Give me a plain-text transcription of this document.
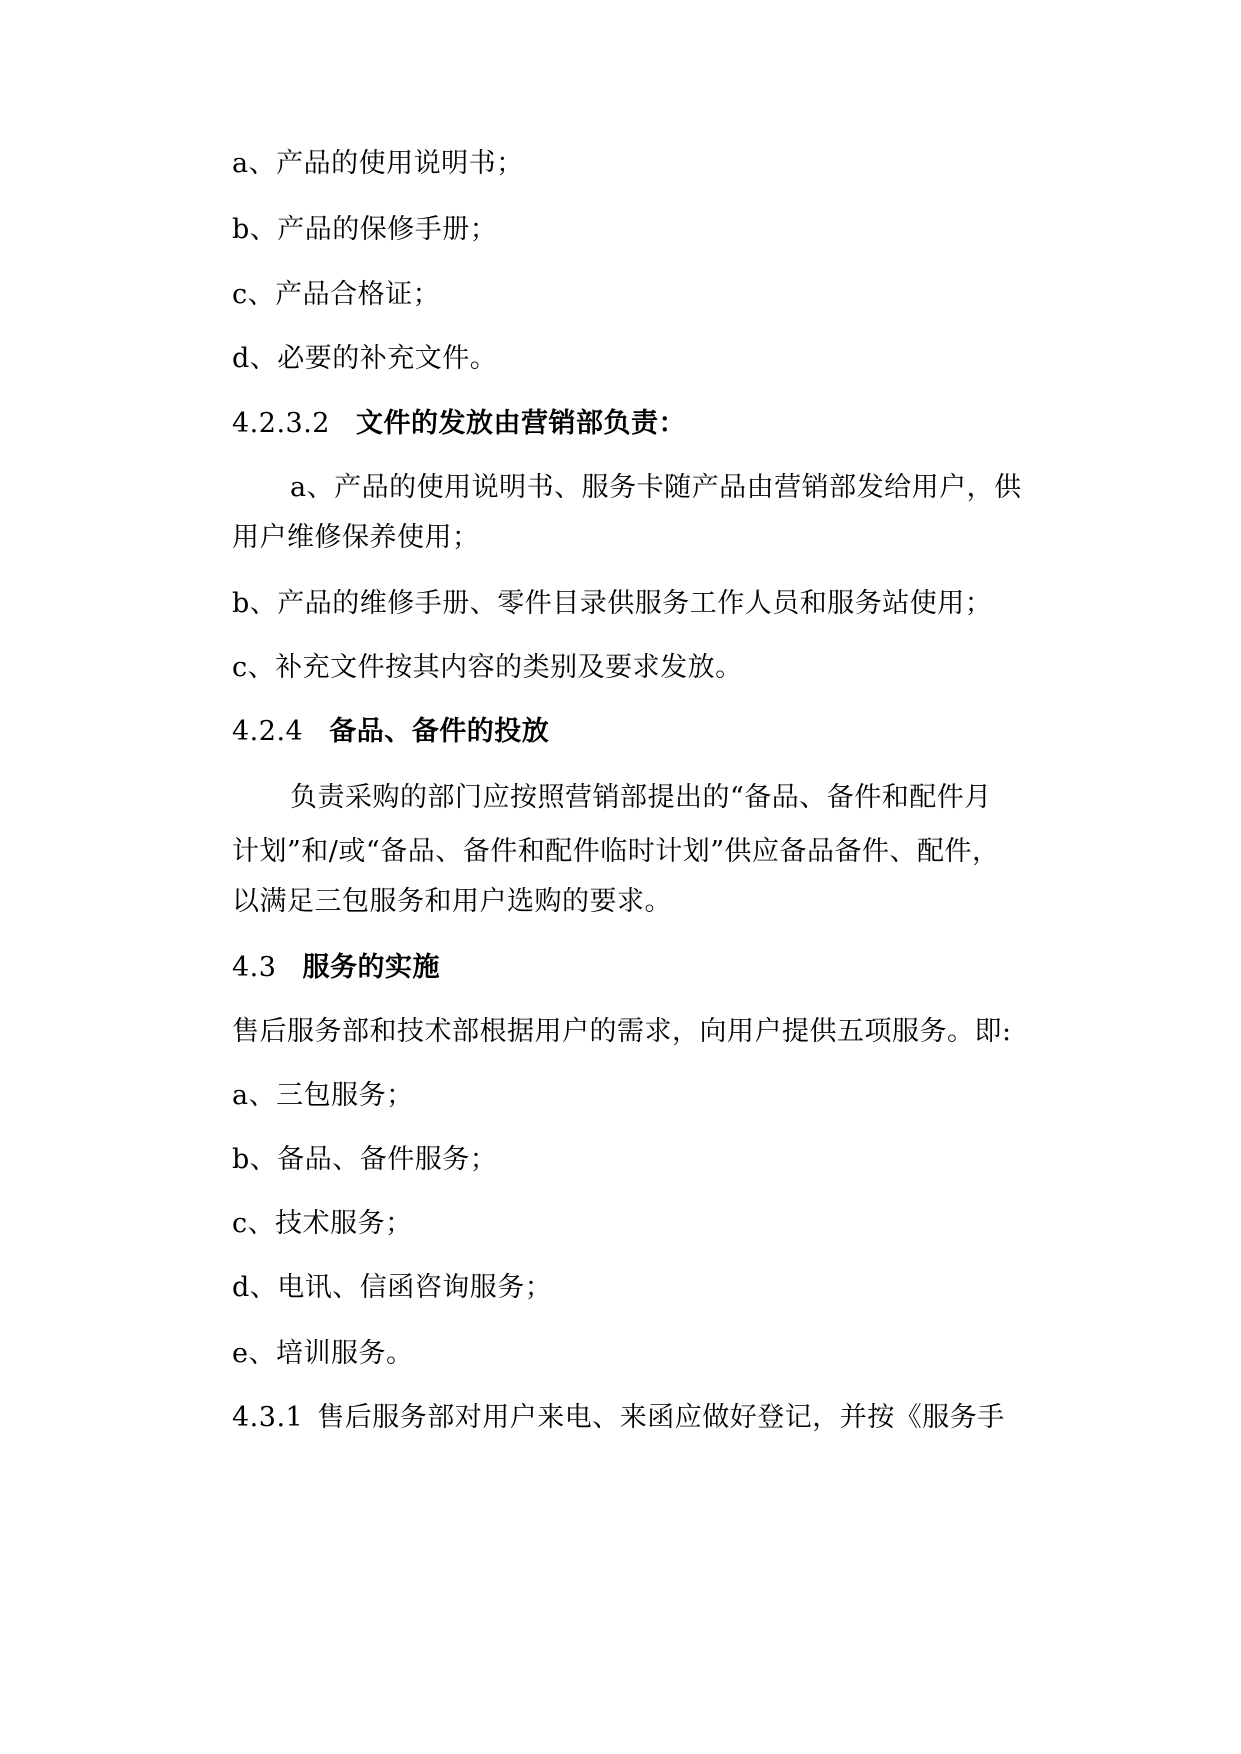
a、产品的使用说明书；
b、产品的保修手册；
c、产品合格证；
d、必要的补充文件。
4.2.3.2 文件的发放由营销部负责：
a、产品的使用说明书、服务卡随产品由营销部发给用户，供
用户维修保养使用；
b、产品的维修手册、零件目录供服务工作人员和服务站使用；
c、补充文件按其内容的类别及要求发放。
4.2.4 备品、备件的投放
负责采购的部门应按照营销部提出的“备品、备件和配件月
计划”和/或“备品、备件和配件临时计划”供应备品备件、配件，
以满足三包服务和用户选购的要求。
4.3 服务的实施
售后服务部和技术部根据用户的需求，向用户提供五项服务。即:
a、三包服务；
b、备品、备件服务；
c、技术服务；
d、电讯、信函咨询服务；
e、培训服务。
4.3.1 售后服务部对用户来电、来函应做好登记，并按《服务手
